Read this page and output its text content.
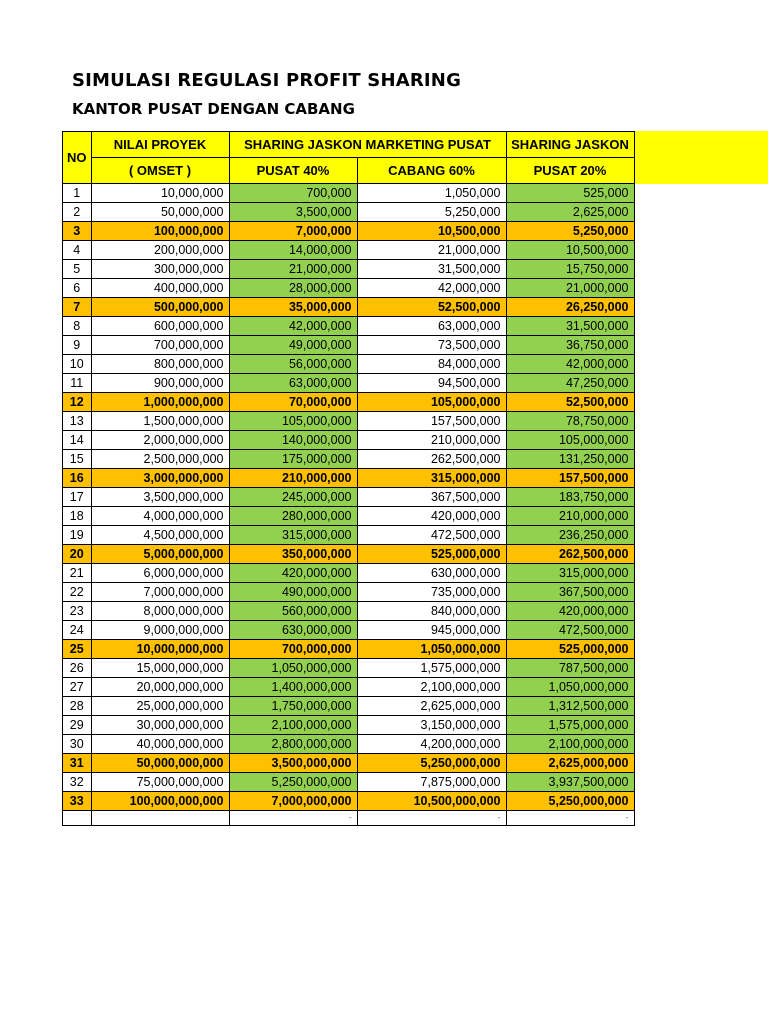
SIMULASI REGULASI PROFIT SHARING
KANTOR PUSAT DENGAN CABANG
NO	NILAI PROYEK	SHARING JASKON MARKETING PUSAT		SHARING JASKON
	( OMSET )	PUSAT 40%	CABANG 60%	PUSAT 20%
1	10,000,000	700,000	1,050,000	525,000
2	50,000,000	3,500,000	5,250,000	2,625,000
3	100,000,000	7,000,000	10,500,000	5,250,000
4	200,000,000	14,000,000	21,000,000	10,500,000
5	300,000,000	21,000,000	31,500,000	15,750,000
6	400,000,000	28,000,000	42,000,000	21,000,000
7	500,000,000	35,000,000	52,500,000	26,250,000
8	600,000,000	42,000,000	63,000,000	31,500,000
9	700,000,000	49,000,000	73,500,000	36,750,000
10	800,000,000	56,000,000	84,000,000	42,000,000
11	900,000,000	63,000,000	94,500,000	47,250,000
12	1,000,000,000	70,000,000	105,000,000	52,500,000
13	1,500,000,000	105,000,000	157,500,000	78,750,000
14	2,000,000,000	140,000,000	210,000,000	105,000,000
15	2,500,000,000	175,000,000	262,500,000	131,250,000
16	3,000,000,000	210,000,000	315,000,000	157,500,000
17	3,500,000,000	245,000,000	367,500,000	183,750,000
18	4,000,000,000	280,000,000	420,000,000	210,000,000
19	4,500,000,000	315,000,000	472,500,000	236,250,000
20	5,000,000,000	350,000,000	525,000,000	262,500,000
21	6,000,000,000	420,000,000	630,000,000	315,000,000
22	7,000,000,000	490,000,000	735,000,000	367,500,000
23	8,000,000,000	560,000,000	840,000,000	420,000,000
24	9,000,000,000	630,000,000	945,000,000	472,500,000
25	10,000,000,000	700,000,000	1,050,000,000	525,000,000
26	15,000,000,000	1,050,000,000	1,575,000,000	787,500,000
27	20,000,000,000	1,400,000,000	2,100,000,000	1,050,000,000
28	25,000,000,000	1,750,000,000	2,625,000,000	1,312,500,000
29	30,000,000,000	2,100,000,000	3,150,000,000	1,575,000,000
30	40,000,000,000	2,800,000,000	4,200,000,000	2,100,000,000
31	50,000,000,000	3,500,000,000	5,250,000,000	2,625,000,000
32	75,000,000,000	5,250,000,000	7,875,000,000	3,937,500,000
33	100,000,000,000	7,000,000,000	10,500,000,000	5,250,000,000
		-	-	-
